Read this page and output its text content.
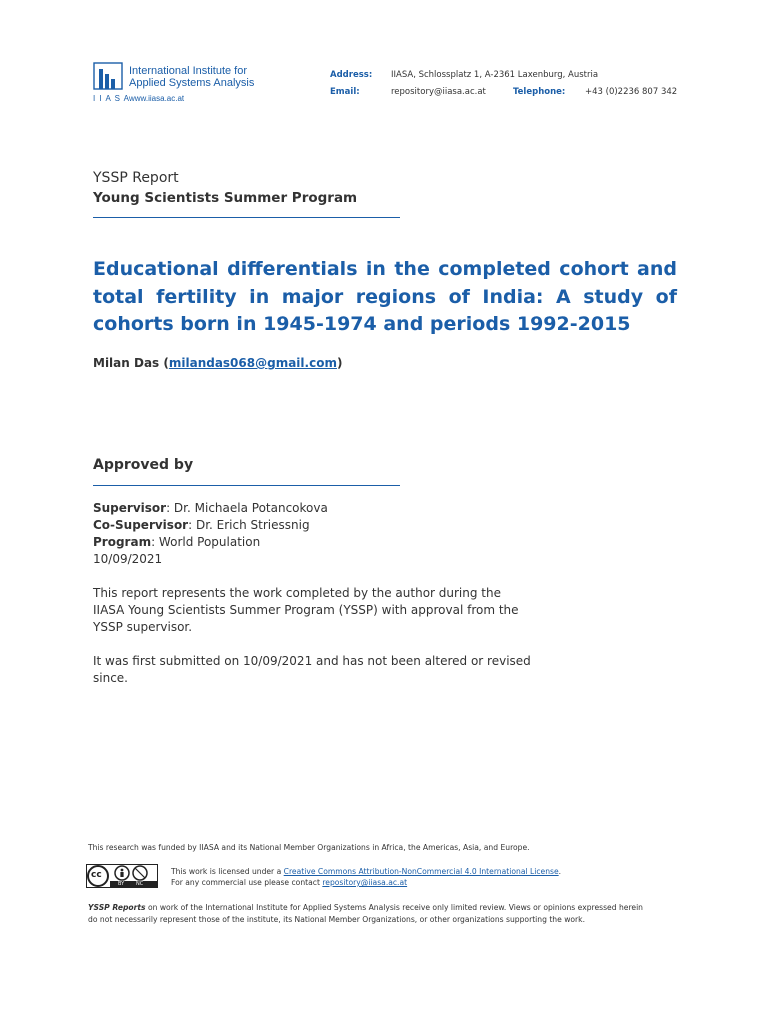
International Institute for
Applied Systems Analysis
I I A S A
www.iiasa.ac.at
Address: IIASA, Schlossplatz 1, A-2361 Laxenburg, Austria
Email:	repository@iiasa.ac.at	Telephone: +43 (0)2236 807 342
YSSP Report
Young Scientists Summer Program
Educational differentials in the completed cohort and total fertility in major regions of India: A study of cohorts born in 1945-1974 and periods 1992-2015
Milan Das (milandas068@gmail.com)
Approved by
Supervisor: Dr. Michaela Potancokova
Co-Supervisor: Dr. Erich Striessnig
Program: World Population
10/09/2021
This report represents the work completed by the author during the IIASA Young Scientists Summer Program (YSSP) with approval from the YSSP supervisor.
It was first submitted on 10/09/2021 and has not been altered or revised since.
This research was funded by IIASA and its National Member Organizations in Africa, the Americas, Asia, and Europe.
cc
BY NC
This work is licensed under a Creative Commons Attribution-NonCommercial 4.0 International License.
For any commercial use please contact repository@iiasa.ac.at
YSSP Reports on work of the International Institute for Applied Systems Analysis receive only limited review. Views or opinions expressed herein do not necessarily represent those of the institute, its National Member Organizations, or other organizations supporting the work.
